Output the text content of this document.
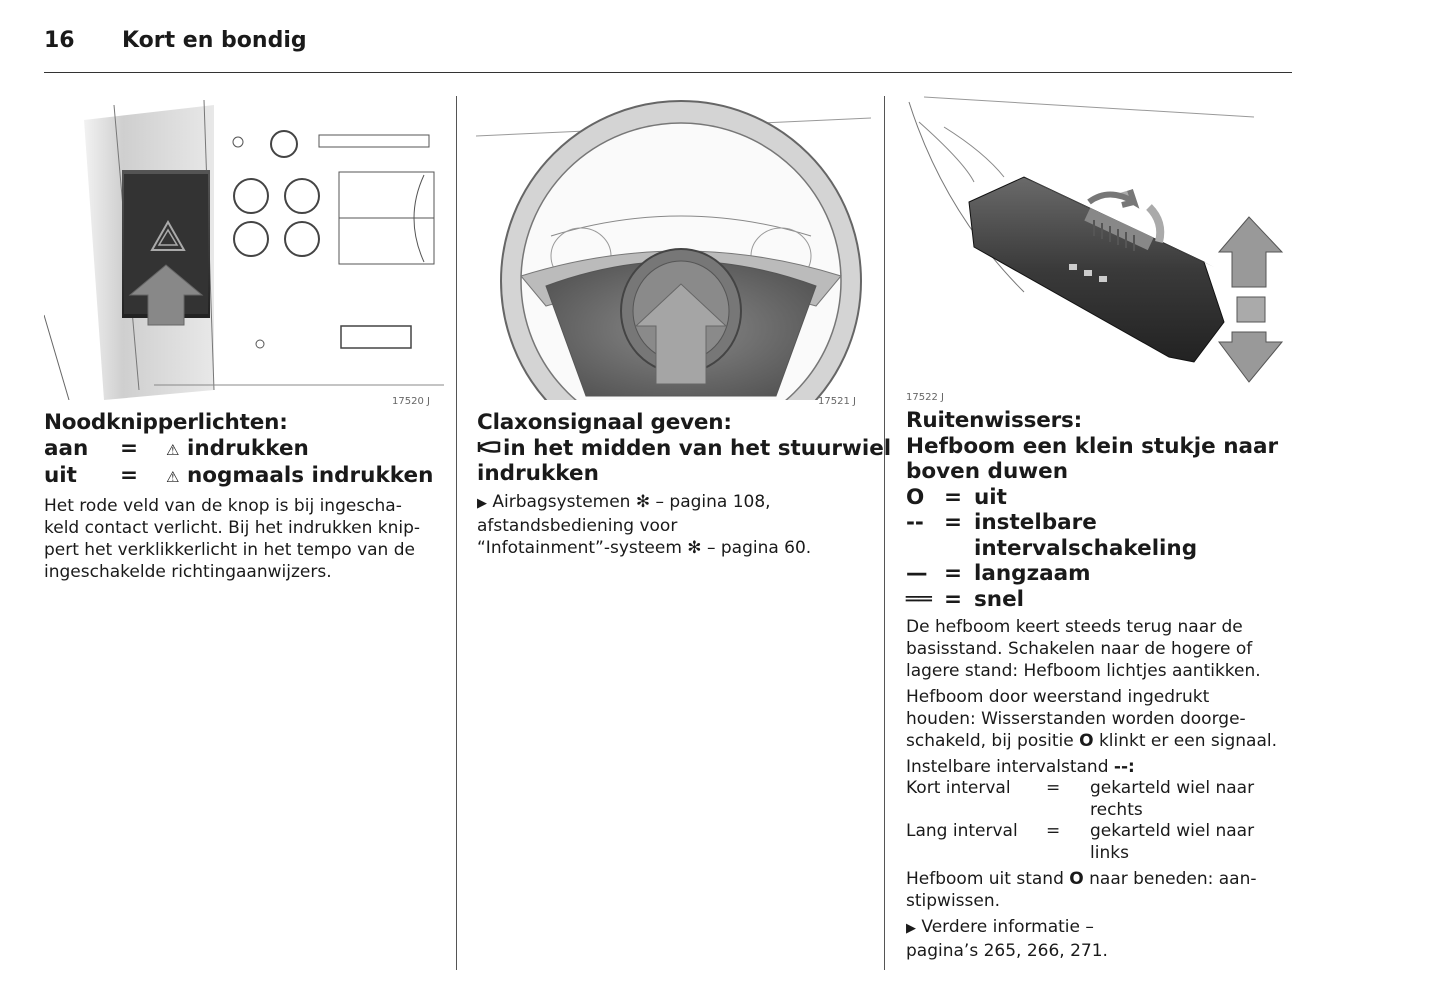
16 Kort en bondig
17520 J
Noodknipperlichten:
aan = ⚠ indrukken
uit = ⚠ nogmaals indrukken

Het rode veld van de knop is bij ingescha-
keld contact verlicht. Bij het indrukken knip-
pert het verklikkerlicht in het tempo van de
ingeschakelde richtingaanwijzers.

17521 J
Claxonsignaal geven:
in het midden van het stuurwiel
indrukken

▶ Airbagsystemen ✻ – pagina 108,
afstandsbediening voor
“Infotainment”-systeem ✻ – pagina 60.

17522 J
Ruitenwissers:
Hefboom een klein stukje naar
boven duwen
O = uit
--= instelbare
intervalschakeling
— = langzaam
══ = snel

De hefboom keert steeds terug naar de
basisstand. Schakelen naar de hogere of
lagere stand: Hefboom lichtjes aantikken.

Hefboom door weerstand ingedrukt
houden: Wisserstanden worden doorge-
schakeld, bij positie O klinkt er een signaal.

Instelbare intervalstand --:

Kort interval	=	gekarteld wiel naar
rechts
Lang interval	=	gekarteld wiel naar
links

Hefboom uit stand O naar beneden: aan-
stipwissen.

▶ Verdere informatie –
pagina’s 265, 266, 271.
